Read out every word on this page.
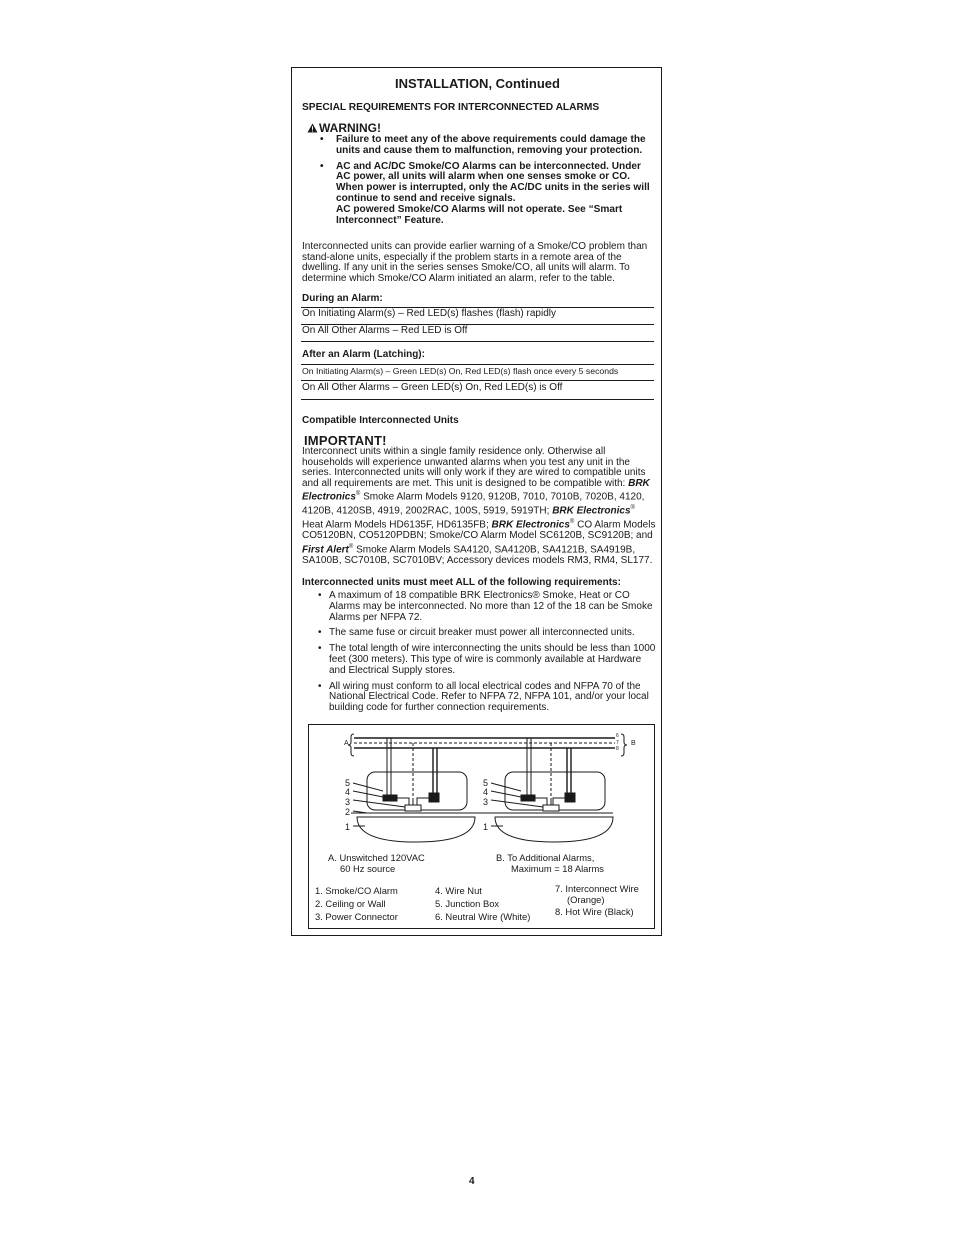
INSTALLATION, Continued
SPECIAL REQUIREMENTS FOR INTERCONNECTED ALARMS
WARNING!
• Failure to meet any of the above requirements could damage the units and cause them to malfunction, removing your protection.
• AC and AC/DC Smoke/CO Alarms can be interconnected. Under AC power, all units will alarm when one senses smoke or CO. When power is interrupted, only the AC/DC units in the series will continue to send and receive signals.
AC powered Smoke/CO Alarms will not operate. See “Smart Interconnect” Feature.
Interconnected units can provide earlier warning of a Smoke/CO problem than stand-alone units, especially if the problem starts in a remote area of the dwelling. If any unit in the series senses Smoke/CO, all units will alarm. To determine which Smoke/CO Alarm initiated an alarm, refer to the table.
During an Alarm:
On Initiating Alarm(s) – Red LED(s) flashes (flash) rapidly
On All Other Alarms – Red LED is Off
After an Alarm (Latching):
On Initiating Alarm(s) – Green LED(s) On, Red LED(s) flash once every 5 seconds
On All Other Alarms – Green LED(s) On, Red LED(s) is Off
Compatible Interconnected Units
IMPORTANT!
Interconnect units within a single family residence only. Otherwise all households will experience unwanted alarms when you test any unit in the series. Interconnected units will only work if they are wired to compatible units and all requirements are met. This unit is designed to be compatible with: BRK Electronics® Smoke Alarm Models 9120, 9120B, 7010, 7010B, 7020B, 4120, 4120B, 4120SB, 4919, 2002RAC, 100S, 5919, 5919TH; BRK Electronics® Heat Alarm Models HD6135F, HD6135FB; BRK Electronics® CO Alarm Models CO5120BN, CO5120PDBN; Smoke/CO Alarm Model SC6120B, SC9120B; and First Alert® Smoke Alarm Models SA4120, SA4120B, SA4121B, SA4919B, SA100B, SC7010B, SC7010BV; Accessory devices models RM3, RM4, SL177.
Interconnected units must meet ALL of the following requirements:
• A maximum of 18 compatible BRK Electronics® Smoke, Heat or CO Alarms may be interconnected. No more than 12 of the 18 can be Smoke Alarms per NFPA 72.
• The same fuse or circuit breaker must power all interconnected units.
• The total length of wire interconnecting the units should be less than 1000 feet (300 meters). This type of wire is commonly available at Hardware and Electrical Supply stores.
• All wiring must conform to all local electrical codes and NFPA 70 of the National Electrical Code. Refer to NFPA 72, NFPA 101, and/or your local building code for further connection requirements.
A	B
6
7
8
5
4
3
2
1
5
4
3
1
A. Unswitched 120VAC
60 Hz source
B. To Additional Alarms,
Maximum = 18 Alarms
1. Smoke/CO Alarm
2. Ceiling or Wall
3. Power Connector
4. Wire Nut
5. Junction Box
6. Neutral Wire (White)
7. Interconnect Wire
(Orange)
8. Hot Wire (Black)
4
